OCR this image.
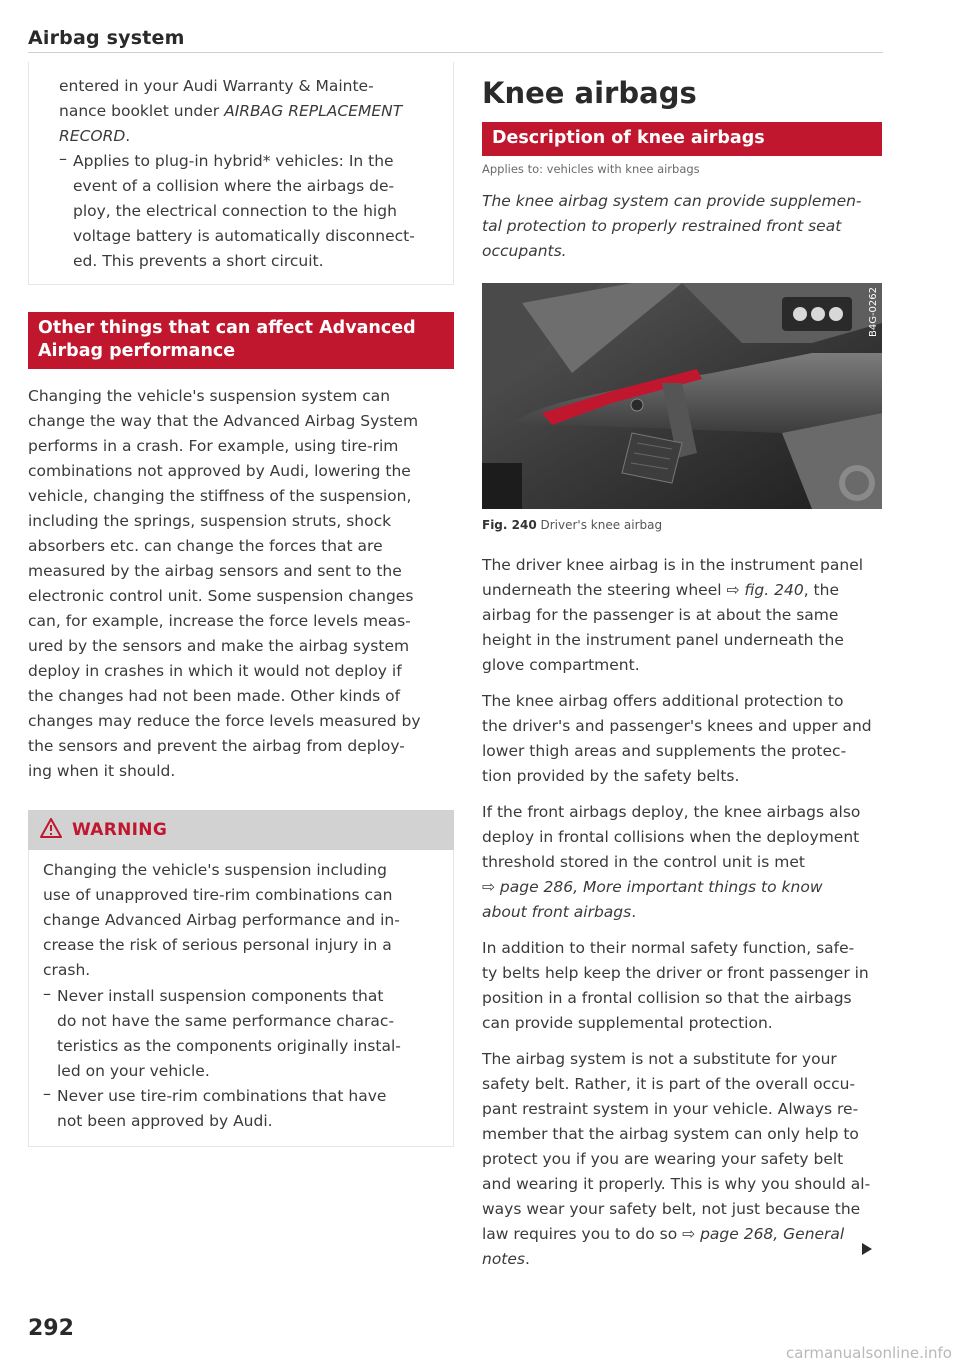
Airbag system
entered in your Audi Warranty & Mainte-
nance booklet under AIRBAG REPLACEMENT
RECORD.
– Applies to plug-in hybrid* vehicles: In the
event of a collision where the airbags de-
ploy, the electrical connection to the high
voltage battery is automatically disconnect-
ed. This prevents a short circuit.
Other things that can affect Advanced
Airbag performance
Changing the vehicle's suspension system can
change the way that the Advanced Airbag System
performs in a crash. For example, using tire-rim
combinations not approved by Audi, lowering the
vehicle, changing the stiffness of the suspension,
including the springs, suspension struts, shock
absorbers etc. can change the forces that are
measured by the airbag sensors and sent to the
electronic control unit. Some suspension changes
can, for example, increase the force levels meas-
ured by the sensors and make the airbag system
deploy in crashes in which it would not deploy if
the changes had not been made. Other kinds of
changes may reduce the force levels measured by
the sensors and prevent the airbag from deploy-
ing when it should.
WARNING
Changing the vehicle's suspension including
use of unapproved tire-rim combinations can
change Advanced Airbag performance and in-
crease the risk of serious personal injury in a
crash.
– Never install suspension components that
do not have the same performance charac-
teristics as the components originally instal-
led on your vehicle.
– Never use tire-rim combinations that have
not been approved by Audi.
Knee airbags
Description of knee airbags
Applies to: vehicles with knee airbags
The knee airbag system can provide supplemen-
tal protection to properly restrained front seat
occupants.
B4G-0262
Fig. 240 Driver's knee airbag
The driver knee airbag is in the instrument panel
underneath the steering wheel ⇨ fig. 240, the
airbag for the passenger is at about the same
height in the instrument panel underneath the
glove compartment.
The knee airbag offers additional protection to
the driver's and passenger's knees and upper and
lower thigh areas and supplements the protec-
tion provided by the safety belts.
If the front airbags deploy, the knee airbags also
deploy in frontal collisions when the deployment
threshold stored in the control unit is met
⇨ page 286, More important things to know
about front airbags.
In addition to their normal safety function, safe-
ty belts help keep the driver or front passenger in
position in a frontal collision so that the airbags
can provide supplemental protection.
The airbag system is not a substitute for your
safety belt. Rather, it is part of the overall occu-
pant restraint system in your vehicle. Always re-
member that the airbag system can only help to
protect you if you are wearing your safety belt
and wearing it properly. This is why you should al-
ways wear your safety belt, not just because the
law requires you to do so ⇨ page 268, General
notes.
292
carmanualsonline.info
